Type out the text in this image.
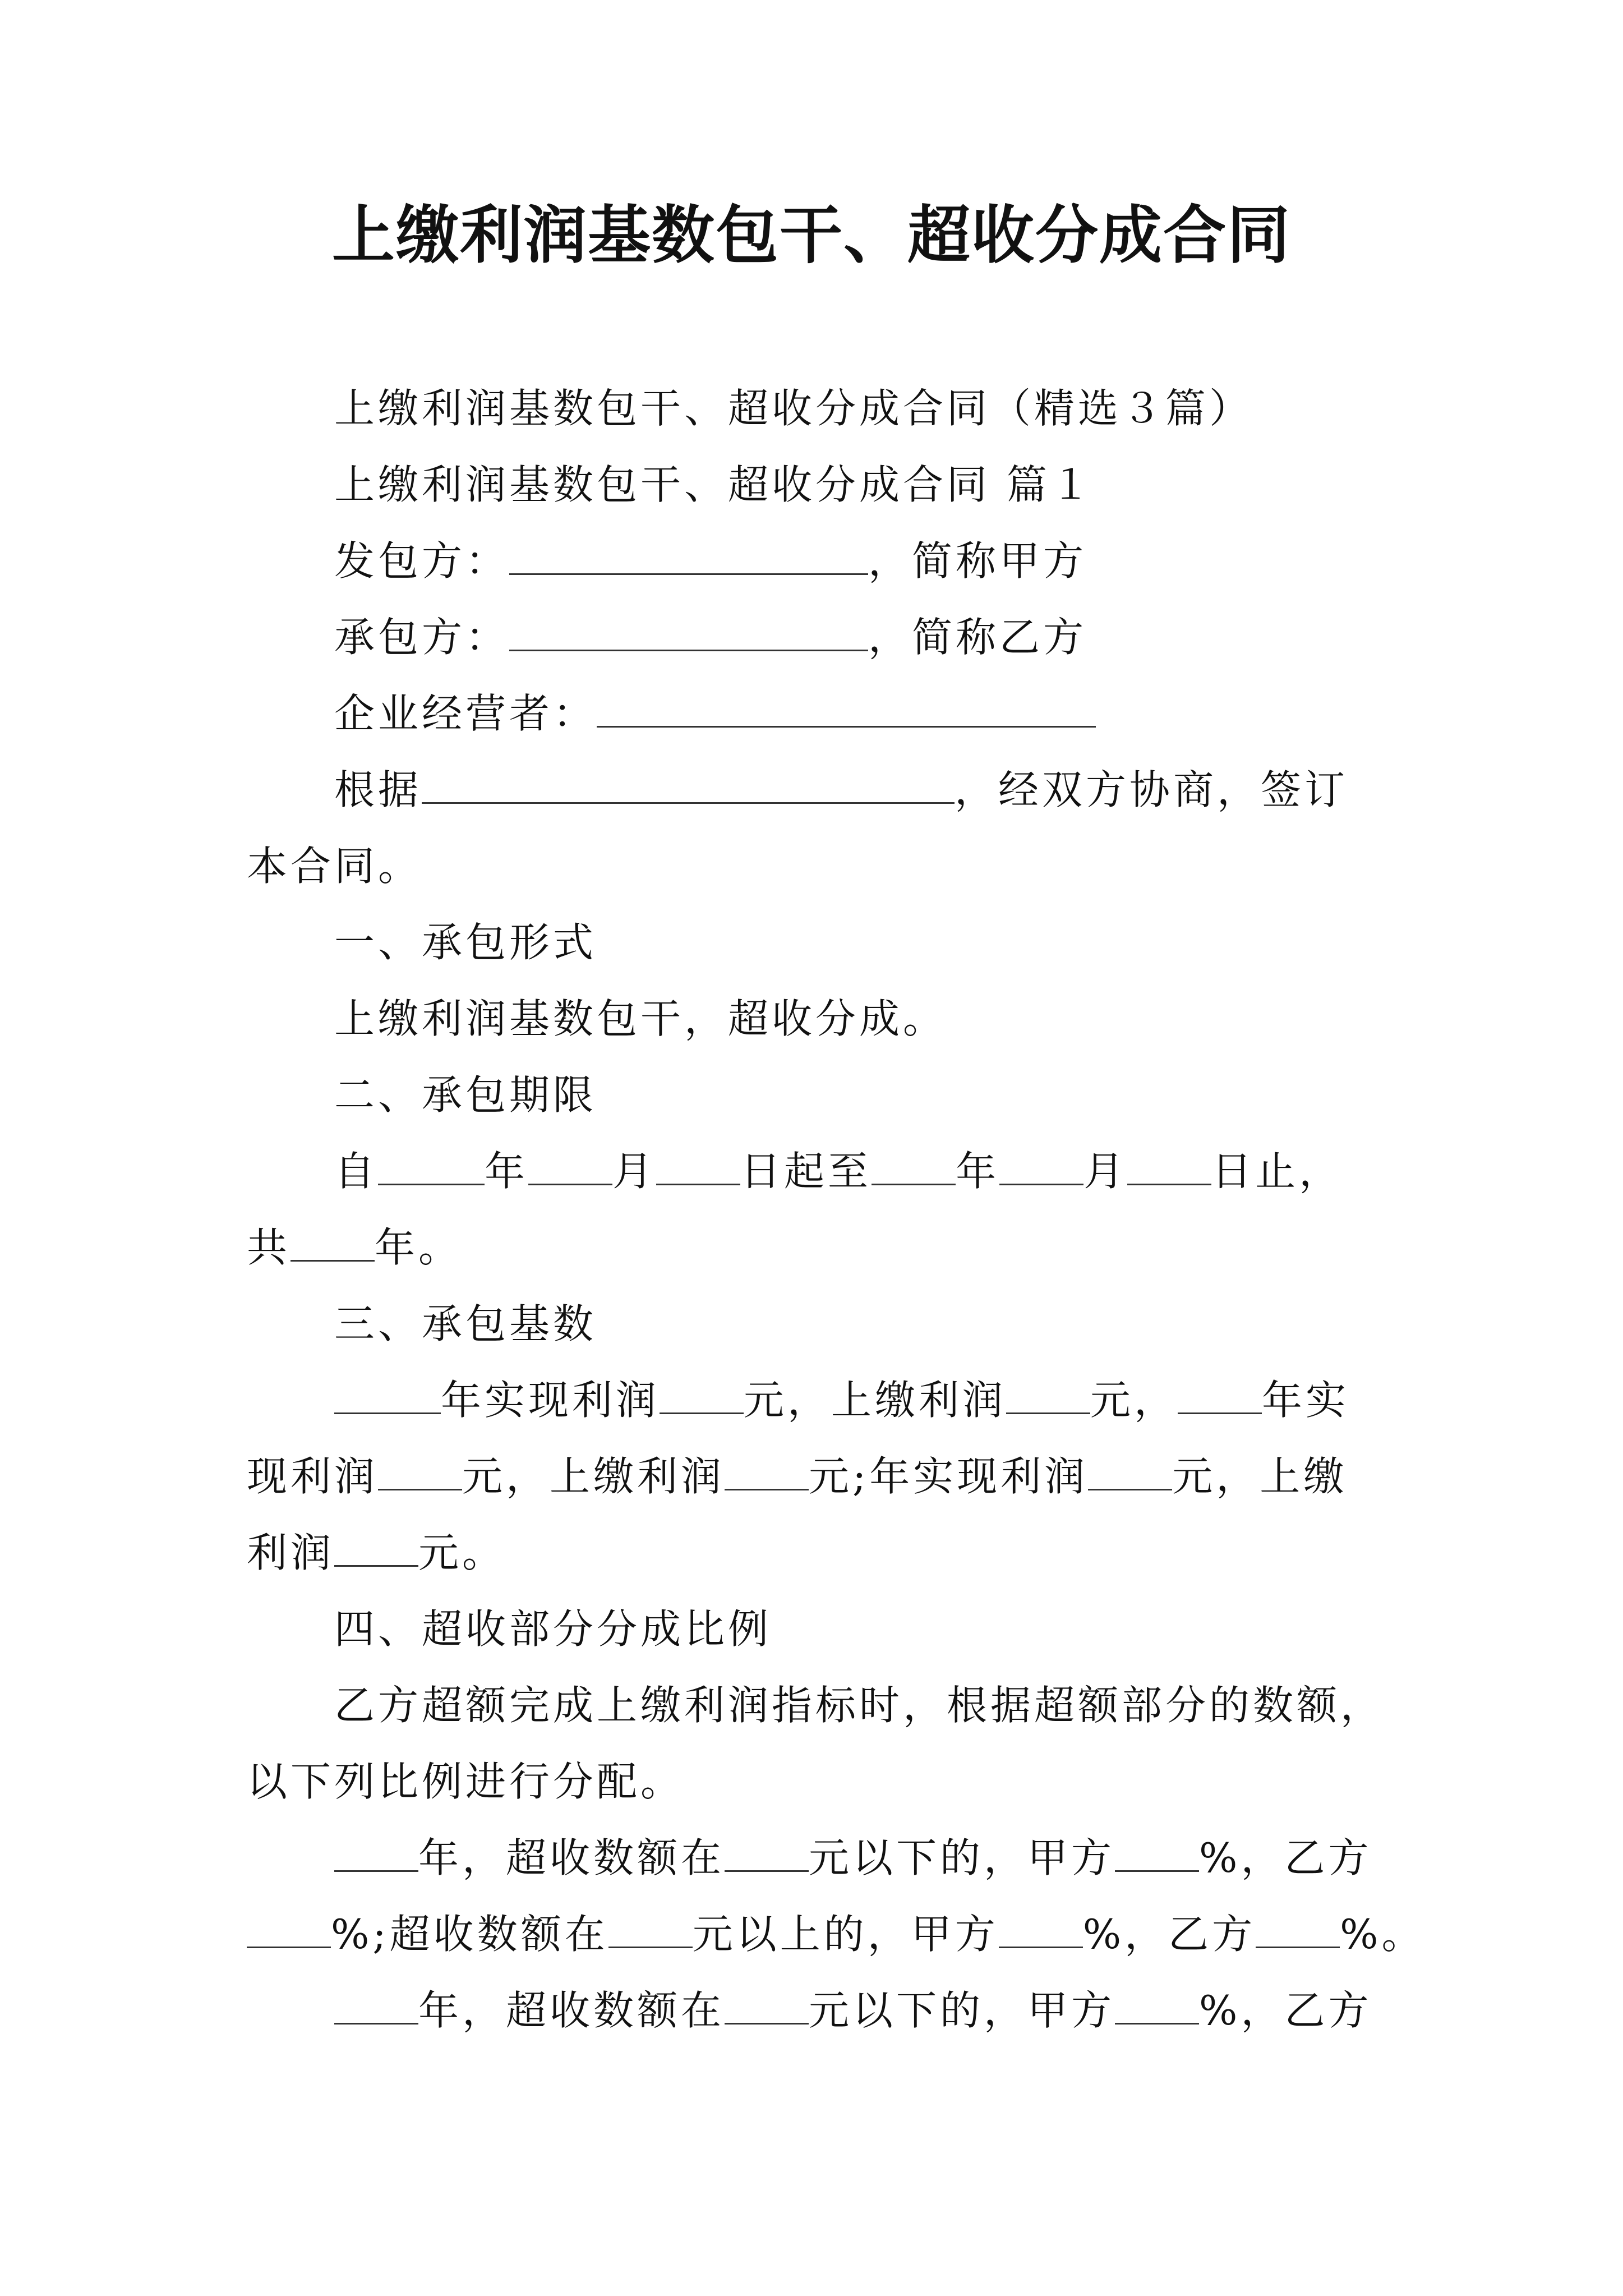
上缴利润基数包干、超收分成合同
上缴利润基数包干、超收分成合同（精选３篇）
上缴利润基数包干、超收分成合同 篇１
发包方：	，简称甲方
承包方：	，简称乙方
企业经营者：
根据	，经双方协商，签订
本合同。
一、承包形式
上缴利润基数包干，超收分成。
二、承包期限
自	年 月 日起至 年 月 日止，
共 年。
三、承包基数
年实现利润 元，上缴利润 元， 年实
现利润 元，上缴利润 元;年实现利润 元，上缴
利润 元。
四、超收部分分成比例
乙方超额完成上缴利润指标时，根据超额部分的数额，
以下列比例进行分配。
年，超收数额在 元以下的，甲方 %，乙方
%;超收数额在 元以上的，甲方 %，乙方 %。
年，超收数额在 元以下的，甲方 %，乙方
